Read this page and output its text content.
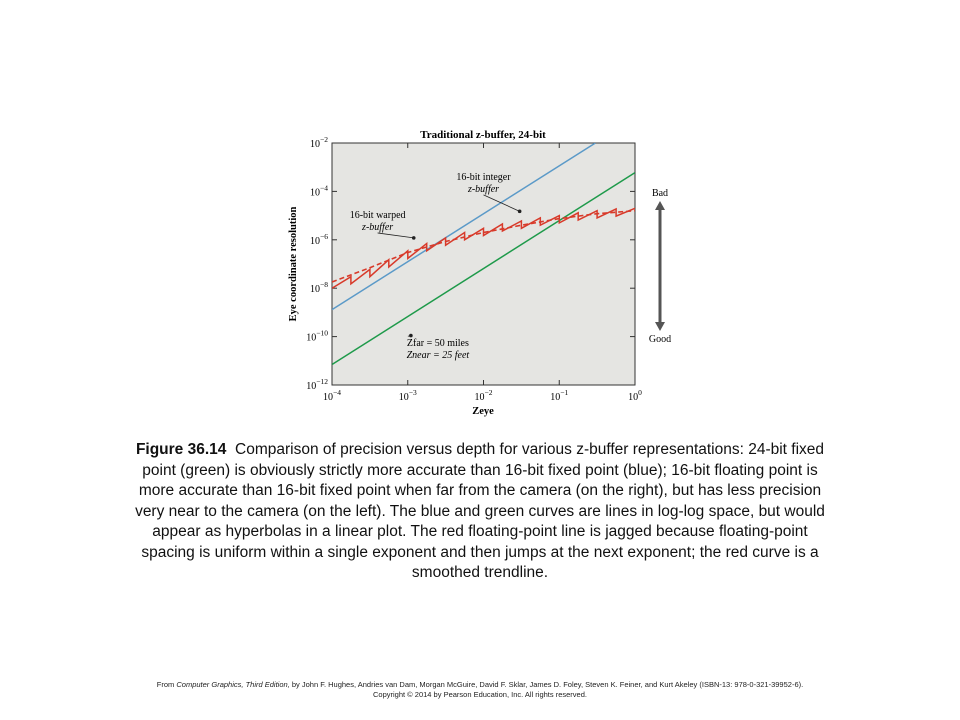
Traditional z-buffer, 24-bit
$10^{-4}$	$10^{-3}$	$10^{-2}$	$10^{-1}$	$10^0$
$10^{-12}$
$10^{-10}$
$10^{-8}$
$10^{-6}$
$10^{-4}$
$10^{-2}$
16-bit integer
z-buffer
16-bit warped
z-buffer
Zfar = 50 miles
Znear = 25 feet
Zeye
Eye coordinate resolution
Bad
Good
Figure 36.14 Comparison of precision versus depth for various z-buffer representations: 24-bit fixed point (green) is obviously strictly more accurate than 16-bit fixed point (blue); 16-bit floating point is more accurate than 16-bit fixed point when far from the camera (on the right), but has less precision very near to the camera (on the left). The blue and green curves are lines in log-log space, but would appear as hyperbolas in a linear plot. The red floating-point line is jagged because floating-point spacing is uniform within a single exponent and then jumps at the next exponent; the red curve is a smoothed trendline.
From Computer Graphics, Third Edition, by John F. Hughes, Andries van Dam, Morgan McGuire, David F. Sklar, James D. Foley, Steven K. Feiner, and Kurt Akeley (ISBN-13: 978-0-321-39952-6).
Copyright © 2014 by Pearson Education, Inc. All rights reserved.
